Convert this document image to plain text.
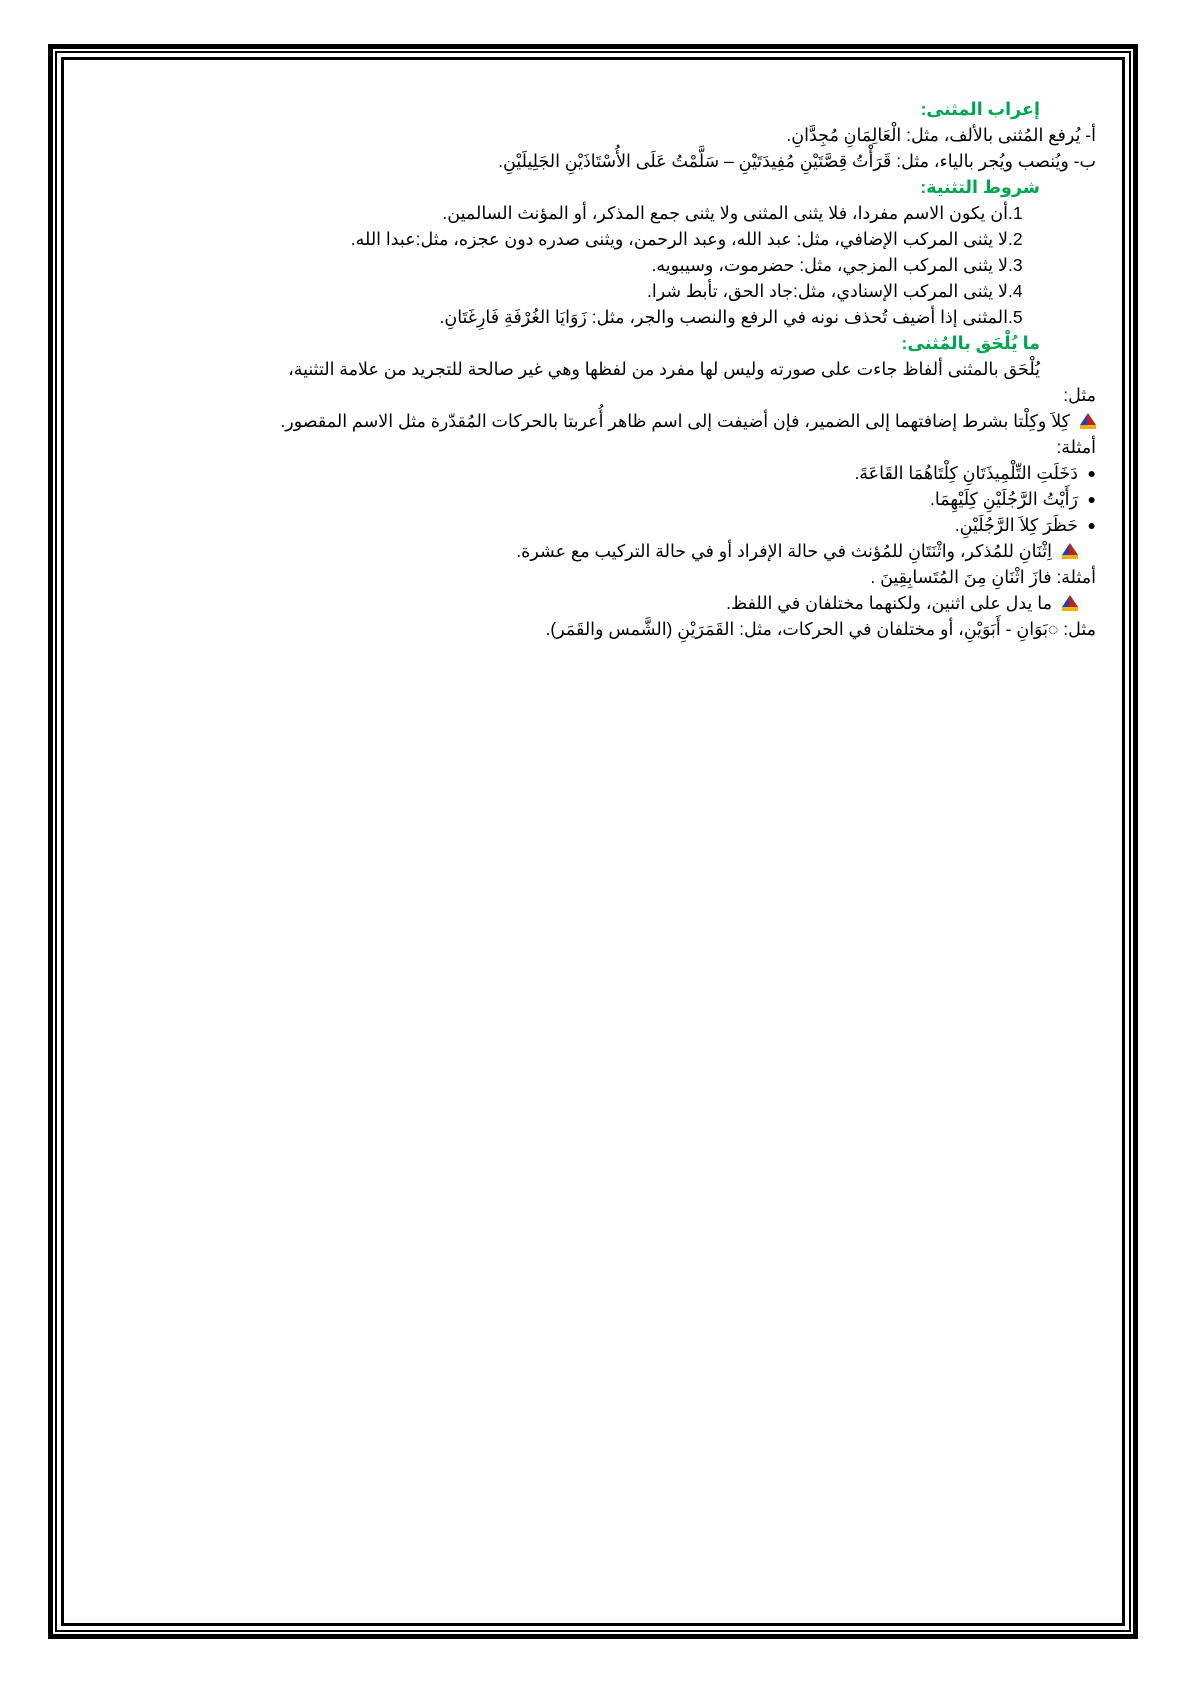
إعراب المثنى:
أ- يُرفع المُثنى بالألف، مثل: الْعَالِمَانِ مُجِدَّانِ.
ب- ويُنصب ويُجر بالياء، مثل: قَرَأْتُ قِصَّتَيْنِ مُفِيدَتَيْنِ – سَلَّمْتُ عَلَى الأُسْتَاذَيْنِ الجَلِيلَيْنِ.
شروط التثنية:
1.
أن يكون الاسم مفردا، فلا يثنى المثنى ولا يثنى جمع المذكر، أو المؤنث السالمين.
2.
لا يثنى المركب الإضافي، مثل: عبد الله، وعبد الرحمن، ويثنى صدره دون عجزه، مثل:عبدا الله.
3.
لا يثنى المركب المزجي، مثل: حضرموت، وسيبويه.
4.
لا يثنى المركب الإسنادي، مثل:جاد الحق، تأبط شرا.
5.
المثنى إذا أضيف تُحذف نونه في الرفع والنصب والجر، مثل: زَوَايَا الغُرْفَةِ فَارِغَتَانِ.
ما يُلْحَق بالمُثنى:
يُلْحَق بالمثنى ألفاظ جاءت على صورته وليس لها مفرد من لفظها وهي غير صالحة للتجريد من علامة التثنية،
مثل:
كِلاَ وكِلْتا بشرط إضافتهما إلى الضمير، فإن أضيفت إلى اسم ظاهر أُعربتا بالحركات المُقدّرة مثل الاسم المقصور.
أمثلة:
●
دَخَلَتِ التِّلْمِيذَتَانِ كِلْتَاهُمَا القَاعَةَ.
●
رَأَيْتُ الرَّجُلَيْنِ كِلَيْهِمَا.
●
حَظَرَ كِلاَ الرَّجُلَيْنِ.
اِثْنَانِ للمُذكر، واثْنَتَانِ للمُؤنث في حالة الإفراد أو في حالة التركيب مع عشرة.
أمثلة: فازَ اثْنَانِ مِنَ المُتَسابِقِينَ .
ما يدل على اثنين، ولكنهما مختلفان في اللفظ.
مثل: ◌بَوَانِ - أَبَوَيْنِ، أو مختلفان في الحركات، مثل: القَمَرَيْنِ (الشَّمس والقَمَر).
